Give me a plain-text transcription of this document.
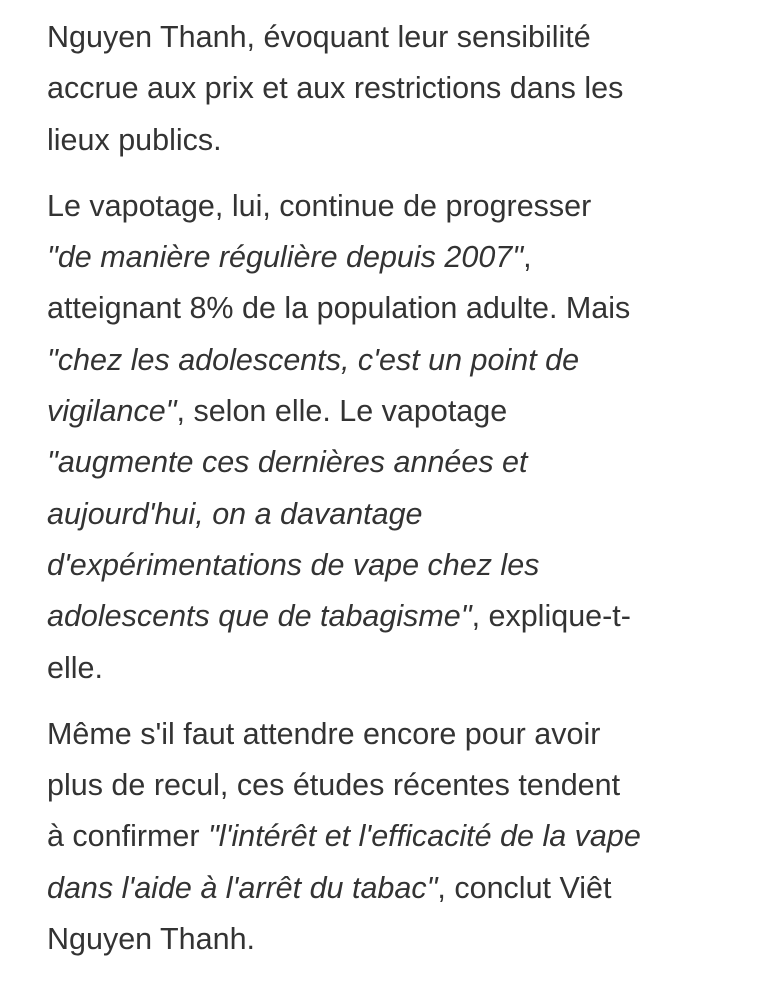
Nguyen Thanh, évoquant leur sensibilité
accrue aux prix et aux restrictions dans les
lieux publics.

Le vapotage, lui, continue de progresser
"de manière régulière depuis 2007",
atteignant 8% de la population adulte. Mais
"chez les adolescents, c'est un point de
vigilance", selon elle. Le vapotage
"augmente ces dernières années et
aujourd'hui, on a davantage
d'expérimentations de vape chez les
adolescents que de tabagisme", explique-t-
elle.

Même s'il faut attendre encore pour avoir
plus de recul, ces études récentes tendent
à confirmer "l'intérêt et l'efficacité de la vape
dans l'aide à l'arrêt du tabac", conclut Viêt
Nguyen Thanh.
